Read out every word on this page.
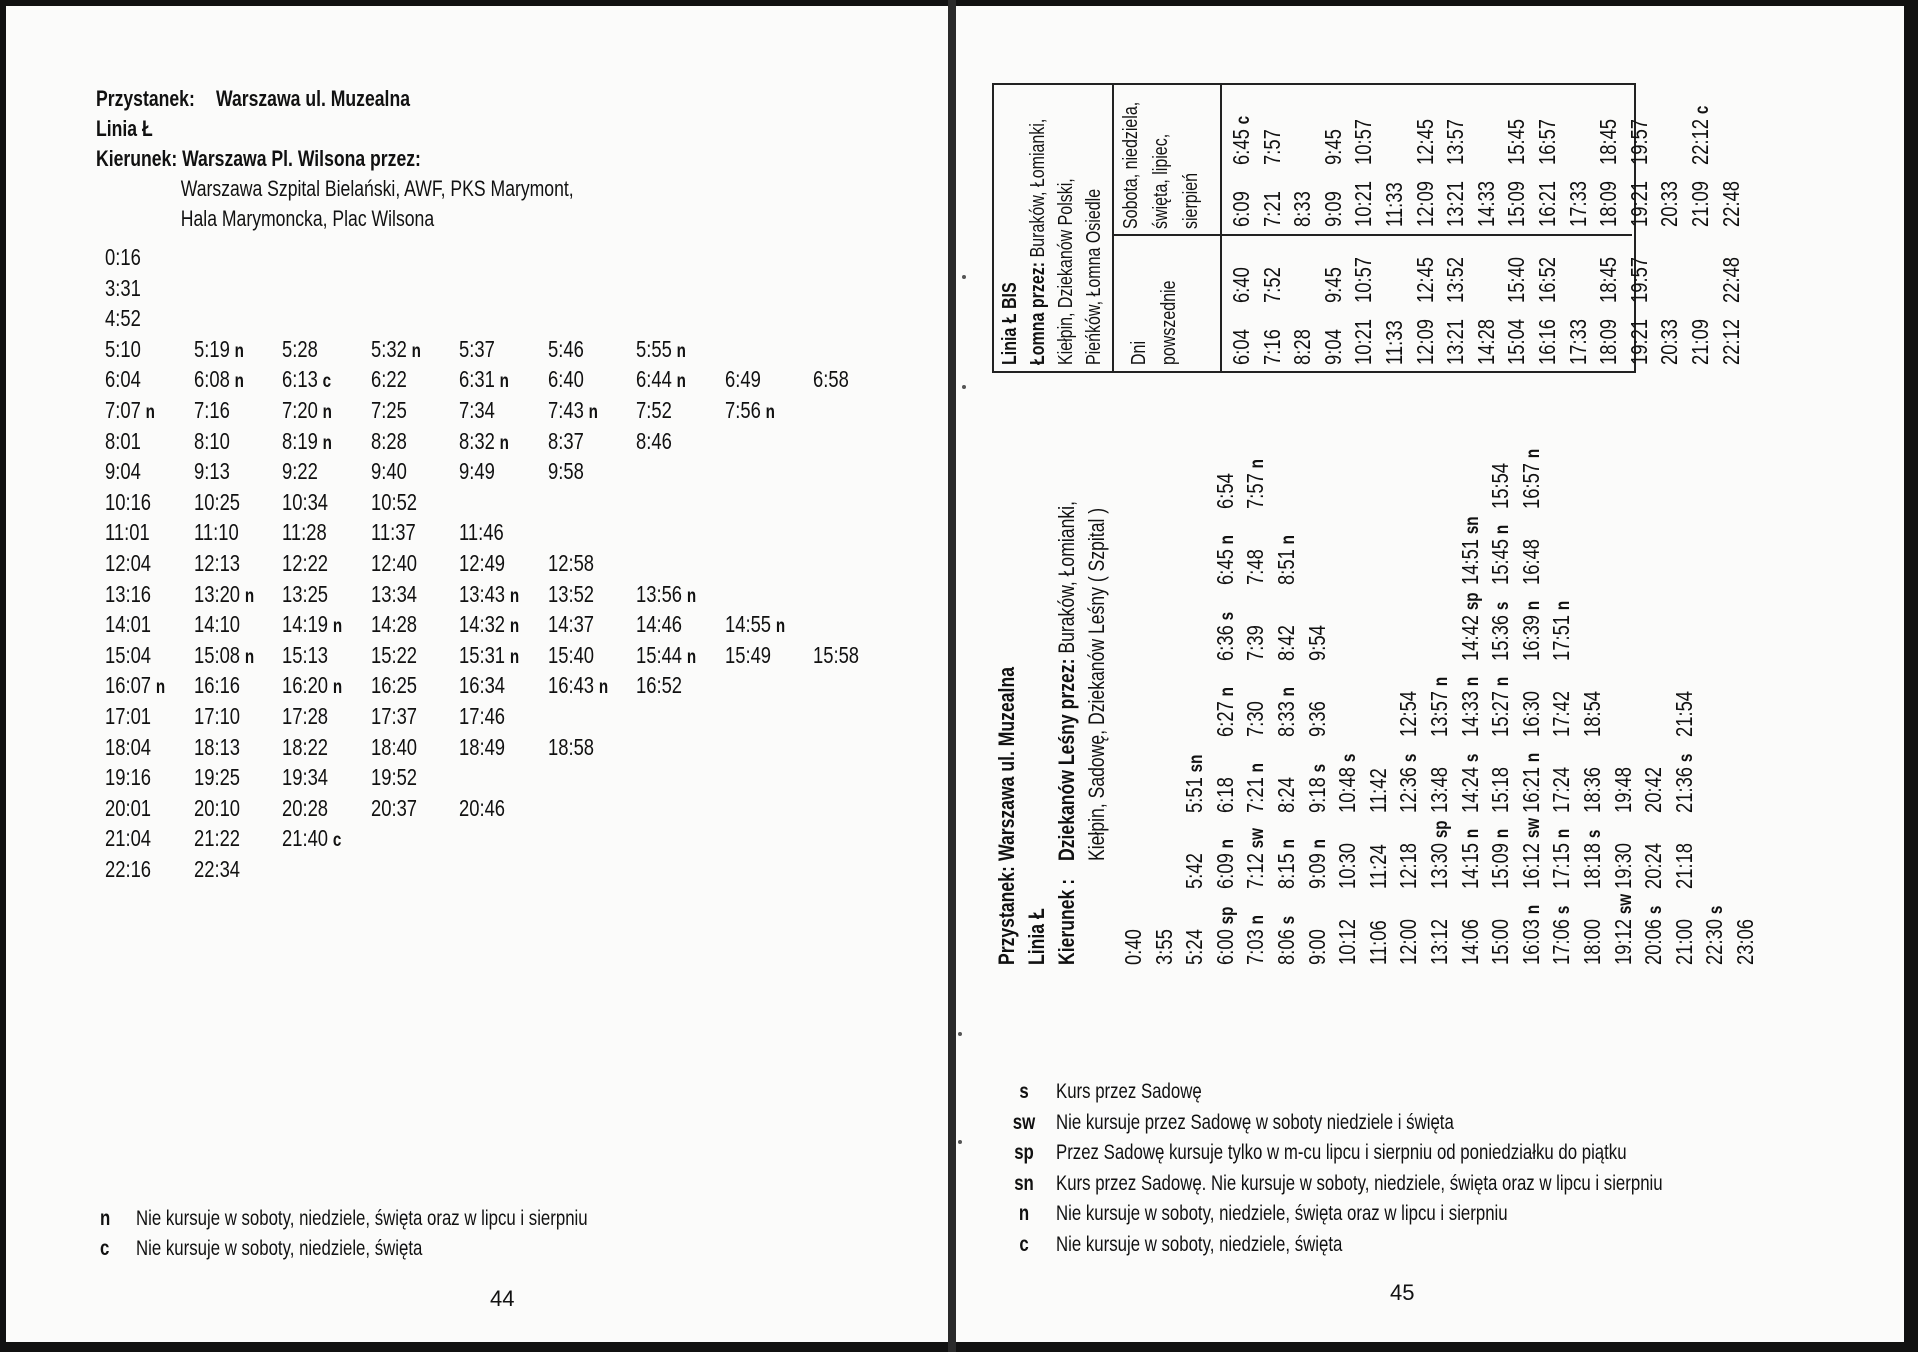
Przystanek: Warszawa ul. Muzealna
Linia Ł
Kierunek: Warszawa Pl. Wilsona przez:
Warszawa Szpital Bielański, AWF, PKS Marymont,
Hala Marymoncka, Plac Wilsona
0:16
3:31
4:52
5:10 5:19 n 5:28 5:32 n 5:37 5:46 5:55 n
6:04 6:08 n 6:13 c 6:22 6:31 n 6:40 6:44 n 6:49 6:58
7:07 n 7:16 7:20 n 7:25 7:34 7:43 n 7:52 7:56 n
8:01 8:10 8:19 n 8:28 8:32 n 8:37 8:46
9:04 9:13 9:22 9:40 9:49 9:58
10:16 10:25 10:34 10:52
11:01 11:10 11:28 11:37 11:46
12:04 12:13 12:22 12:40 12:49 12:58
13:16 13:20 n 13:25 13:34 13:43 n 13:52 13:56 n
14:01 14:10 14:19 n 14:28 14:32 n 14:37 14:46 14:55 n
15:04 15:08 n 15:13 15:22 15:31 n 15:40 15:44 n 15:49 15:58
16:07 n 16:16 16:20 n 16:25 16:34 16:43 n 16:52
17:01 17:10 17:28 17:37 17:46
18:04 18:13 18:22 18:40 18:49 18:58
19:16 19:25 19:34 19:52
20:01 20:10 20:28 20:37 20:46
21:04 21:22 21:40 c
22:16 22:34
n Nie kursuje w soboty, niedziele, święta oraz w lipcu i sierpniu
c Nie kursuje w soboty, niedziele, święta
44
Przystanek:Warszawa ul. Muzealna
Linia Ł Kierunek :Dziekanów Leśny przez: Buraków, Łomianki, Kiełpin, Sadowę, Dziekanów Leśny ( Szpital )
0:40 3:55 5:24
5:42
5:51sn
6:00sp
6:09n
6:18
6:27n
6:36s
6:45n
6:54
7:03n
7:12sw
7:21n
7:30
7:39
7:48
7:57n
8:06s
8:15n
8:24
8:33n
8:42
8:51n
9:00
9:09n
9:18s
9:36
9:54
10:12
10:30
10:48s
11:06
11:24
11:42
12:00
12:18
12:36s
12:54
13:12
13:30sp
13:48
13:57n
14:06
14:15n
14:24s
14:33n
14:42sp
14:51sn
15:00
15:09n
15:18
15:27n
15:36s
15:45n
15:54
16:03n
16:12sw
16:21n
16:30
16:39n
16:48
16:57n
17:06s
17:15n
17:24
17:42
17:51n
18:00
18:18s
18:36
18:54
19:12sw
19:30
19:48
20:06s
20:24
20:42
21:00
21:18
21:36s
21:54
22:30s
23:06
Linia Ł BIS Łomna przez: Buraków, Łomianki, Kiełpin, Dziekanów Polski, Pieńków, Łomna Osiedle Dni powszednie
Sobota, niedziela, święta, lipiec, sierpień
6:04
6:40
6:09
6:45c
7:16
7:52
7:21
7:57
8:28
8:33
9:04
9:45
9:09
9:45
10:21
10:57
10:21
10:57
11:33
11:33
12:09
12:45
12:09
12:45
13:21
13:52
13:21
13:57
14:28
14:33
15:04
15:40
15:09
15:45
16:16
16:52
16:21
16:57
17:33
17:33
18:09
18:45
18:09
18:45
19:21
19:57
19:21
19:57
20:33
20:33
21:09
21:09
22:12c
22:12
22:48
22:48
s Kurs przez Sadowę
sw Nie kursuje przez Sadowę w soboty niedziele i święta
sp Przez Sadowę kursuje tylko w m-cu lipcu i sierpniu od poniedziałku do piątku
sn Kurs przez Sadowę. Nie kursuje w soboty, niedziele, święta oraz w lipcu i sierpniu
n Nie kursuje w soboty, niedziele, święta oraz w lipcu i sierpniu
c Nie kursuje w soboty, niedziele, święta
45
